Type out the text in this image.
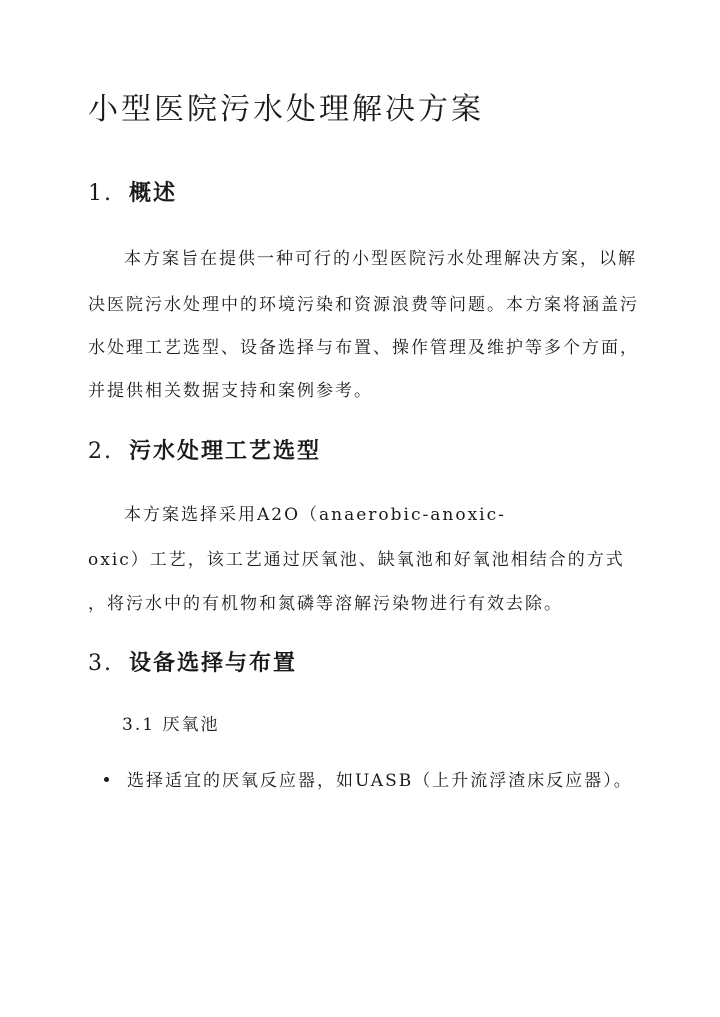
小型医院污水处理解决方案
1. 概述

本方案旨在提供一种可行的小型医院污水处理解决方案，以解

决医院污水处理中的环境污染和资源浪费等问题。本方案将涵盖污

水处理工艺选型、设备选择与布置、操作管理及维护等多个方面，

并提供相关数据支持和案例参考。

2. 污水处理工艺选型

本方案选择采用A2O（anaerobic-anoxic-

oxic）工艺，该工艺通过厌氧池、缺氧池和好氧池相结合的方式

，将污水中的有机物和氮磷等溶解污染物进行有效去除。

3. 设备选择与布置
3.1 厌氧池
选择适宜的厌氧反应器，如UASB（上升流浮渣床反应器）。
